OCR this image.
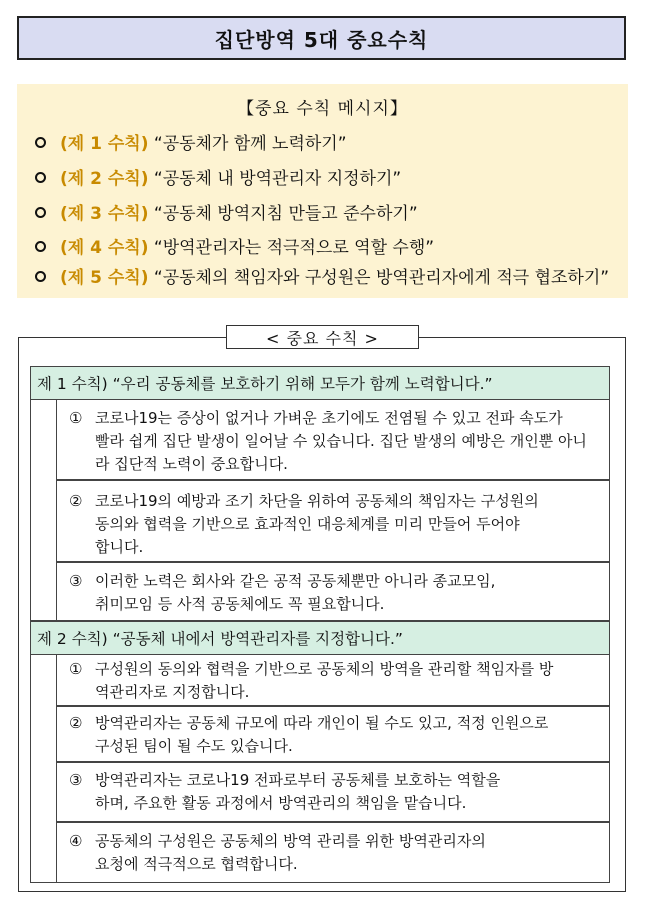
집단방역 5대 중요수칙
【중요 수칙 메시지】
(제 1 수칙) “공동체가 함께 노력하기”
(제 2 수칙) “공동체 내 방역관리자 지정하기”
(제 3 수칙) “공동체 방역지침 만들고 준수하기”
(제 4 수칙) “방역관리자는 적극적으로 역할 수행”
(제 5 수칙) “공동체의 책임자와 구성원은 방역관리자에게 적극 협조하기”
< 중요 수칙 >
제 1 수칙) “우리 공동체를 보호하기 위해 모두가 함께 노력합니다.”
① 코로나19는 증상이 없거나 가벼운 초기에도 전염될 수 있고 전파 속도가
빨라 쉽게 집단 발생이 일어날 수 있습니다. 집단 발생의 예방은 개인뿐 아니
라 집단적 노력이 중요합니다.
② 코로나19의 예방과 조기 차단을 위하여 공동체의 책임자는 구성원의
동의와 협력을 기반으로 효과적인 대응체계를 미리 만들어 두어야
합니다.
③ 이러한 노력은 회사와 같은 공적 공동체뿐만 아니라 종교모임,
취미모임 등 사적 공동체에도 꼭 필요합니다.
제 2 수칙) “공동체 내에서 방역관리자를 지정합니다.”
① 구성원의 동의와 협력을 기반으로 공동체의 방역을 관리할 책임자를 방
역관리자로 지정합니다.
② 방역관리자는 공동체 규모에 따라 개인이 될 수도 있고, 적정 인원으로
구성된 팀이 될 수도 있습니다.
③ 방역관리자는 코로나19 전파로부터 공동체를 보호하는 역할을
하며, 주요한 활동 과정에서 방역관리의 책임을 맡습니다.
④ 공동체의 구성원은 공동체의 방역 관리를 위한 방역관리자의
요청에 적극적으로 협력합니다.
